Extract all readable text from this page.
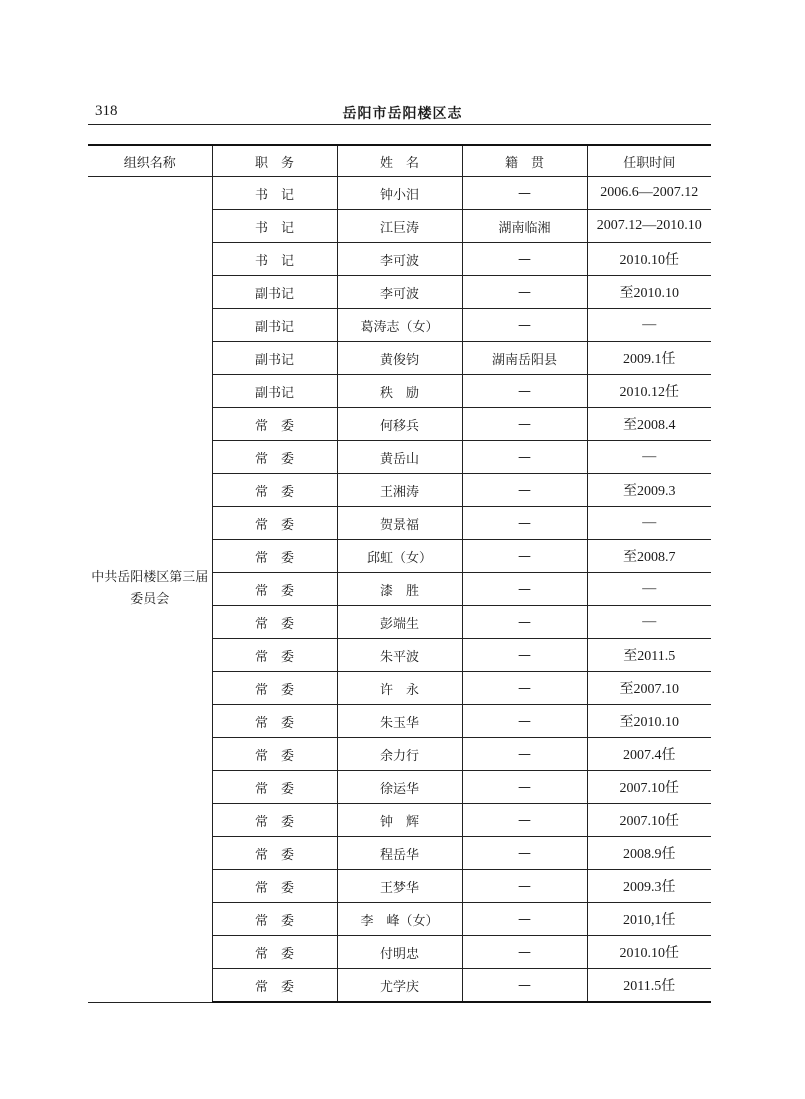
318	岳阳市岳阳楼区志
组织名称	职　务	姓　名	籍　贯	任职时间
中共岳阳楼区第三届委员会	书　记	钟小汨	—	2006.6—2007.12
	书　记	江巨涛	湖南临湘	2007.12—2010.10
	书　记	李可波	—	2010.10任
	副书记	李可波	—	至2010.10
	副书记	葛涛志（女）	—	—
	副书记	黄俊钧	湖南岳阳县	2009.1任
	副书记	秩　励	—	2010.12任
	常　委	何移兵	—	至2008.4
	常　委	黄岳山	—	—
	常　委	王湘涛	—	至2009.3
	常　委	贺景福	—	—
	常　委	邱虹（女）	—	至2008.7
	常　委	漆　胜	—	—
	常　委	彭端生	—	—
	常　委	朱平波	—	至2011.5
	常　委	许　永	—	至2007.10
	常　委	朱玉华	—	至2010.10
	常　委	余力行	—	2007.4任
	常　委	徐运华	—	2007.10任
	常　委	钟　辉	—	2007.10任
	常　委	程岳华	—	2008.9任
	常　委	王梦华	—	2009.3任
	常　委	李　峰（女）	—	2010,1任
	常　委	付明忠	—	2010.10任
	常　委	尤学庆	—	2011.5任
